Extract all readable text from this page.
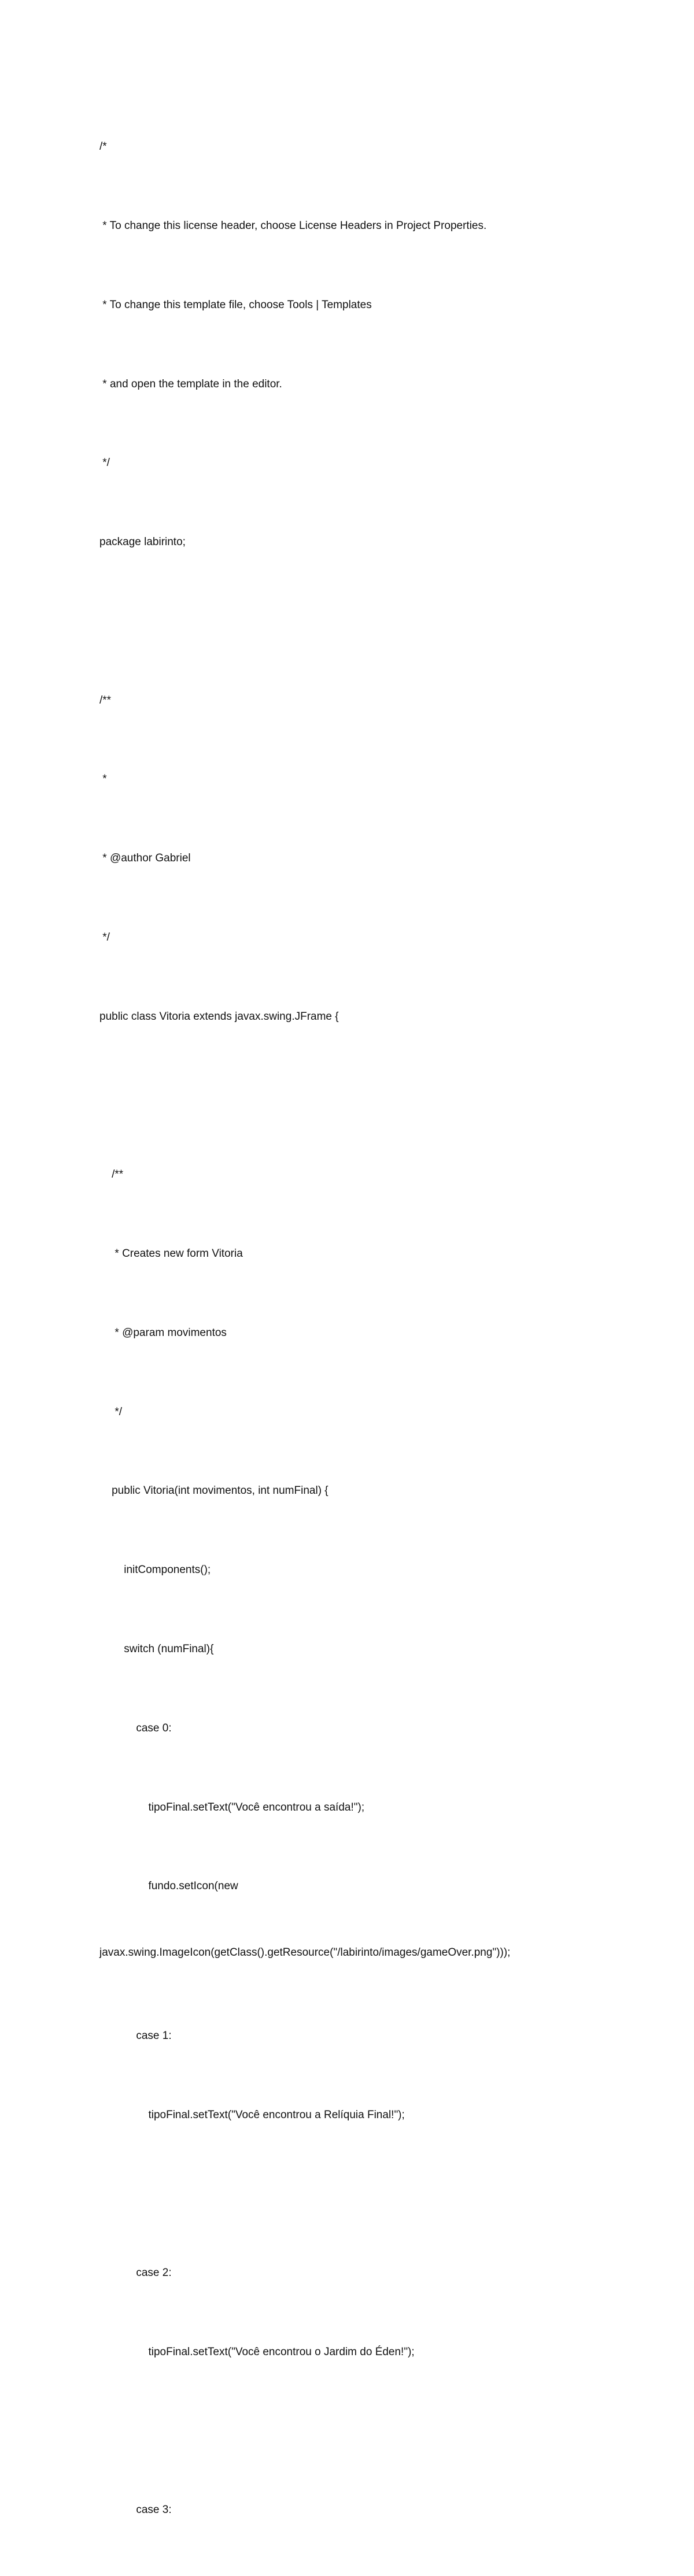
/*

* To change this license header, choose License Headers in Project Properties.

* To change this template file, choose Tools | Templates

* and open the template in the editor.

*/

package labirinto;

/**

*

* @author Gabriel

*/

public class Vitoria extends javax.swing.JFrame {

/**

* Creates new form Vitoria

* @param movimentos

*/

public Vitoria(int movimentos, int numFinal) {

initComponents();

switch (numFinal){

case 0:

tipoFinal.setText("Você encontrou a saída!");

fundo.setIcon(new

javax.swing.ImageIcon(getClass().getResource("/labirinto/images/gameOver.png")));

case 1:

tipoFinal.setText("Você encontrou a Relíquia Final!");

case 2:

tipoFinal.setText("Você encontrou o Jardim do Éden!");

case 3:
